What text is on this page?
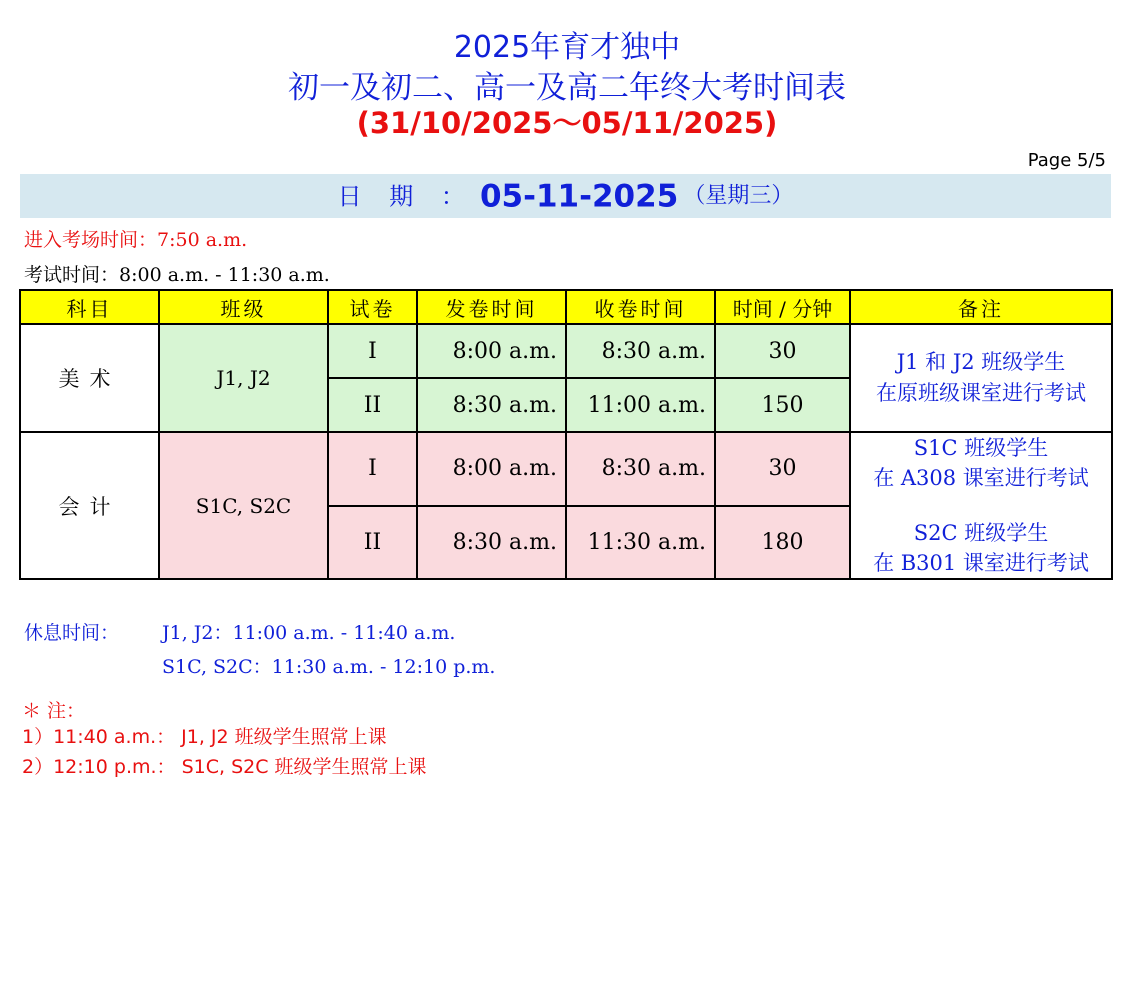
2025年育才独中
初一及初二、高一及高二年终大考时间表
(31/10/2025～05/11/2025)
Page 5/5
日 期 ： 05-11-2025 （星期三）
进入考场时间：7:50 a.m.
考试时间：8:00 a.m. - 11:30 a.m.
科目	班级	试卷	发卷时间	收卷时间	时间 / 分钟	备注
美术	J1, J2	I	8:00 a.m.	8:30 a.m.	30	J1 和 J2 班级学生
在原班级课室进行考试

		II	8:30 a.m.	11:00 a.m.	150	
会计	S1C, S2C	I	8:00 a.m.	8:30 a.m.	30	S1C 班级学生
在 A308 课室进行考试
S2C 班级学生
在 B301 课室进行考试

		II	8:30 a.m.	11:30 a.m.	180	
休息时间： J1, J2：11:00 a.m. - 11:40 a.m.
S1C, S2C：11:30 a.m. - 12:10 p.m.
＊ 注：
1）11:40 a.m.： J1, J2 班级学生照常上课
2）12:10 p.m.： S1C, S2C 班级学生照常上课
